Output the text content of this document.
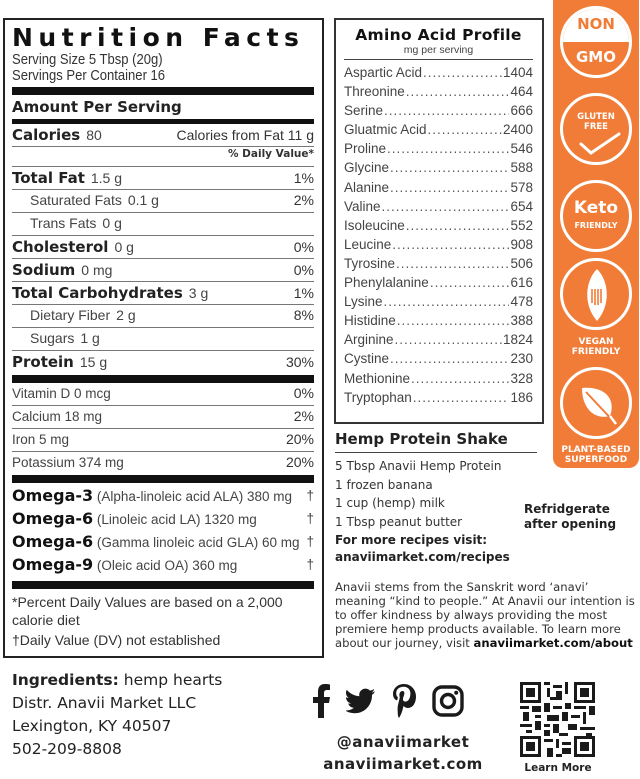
Nutrition Facts
Serving Size 5 Tbsp (20g)
Servings Per Container 16
Amount Per Serving
Calories 80	Calories from Fat 11 g
% Daily Value*
Total Fat 1.5 g	1%
Saturated Fats 0.1 g	2%
Trans Fats 0 g
Cholesterol 0 g	0%
Sodium 0 mg	0%
Total Carbohydrates 3 g	1%
Dietary Fiber 2 g	8%
Sugars 1 g
Protein 15 g	30%
Vitamin D 0 mcg	0%
Calcium 18 mg	2%
Iron 5 mg	20%
Potassium 374 mg	20%
Omega-3 (Alpha-linoleic acid ALA) 380 mg †
Omega-6 (Linoleic acid LA) 1320 mg	†
Omega-6 (Gamma linoleic acid GLA) 60 mg †
Omega-9 (Oleic acid OA) 360 mg	†
*Percent Daily Values are based on a 2,000 calorie diet
†Daily Value (DV) not established
Amino Acid Profile
mg per serving
Aspartic Acid .....	1404
Threonine .....	464
Serine .....	666
Gluatmic Acid .....	2400
Proline .....	546
Glycine .....	588
Alanine .....	578
Valine .....	654
Isoleucine .....	552
Leucine .....	908
Tyrosine .....	506
Phenylalanine .....	616
Lysine .....	478
Histidine .....	388
Arginine .....	1824
Cystine .....	230
Methionine .....	328
Tryptophan .....	186
NON
GMO
GLUTEN
FREE
Keto
FRIENDLY
VEGAN
FRIENDLY
PLANT-BASED
SUPERFOOD
Hemp Protein Shake
5 Tbsp Anavii Hemp Protein
1 frozen banana
1 cup (hemp) milk
1 Tbsp peanut butter
For more recipes visit:
anaviimarket.com/recipes
Refridgerate
after opening
Anavii stems from the Sanskrit word ‘anavi’ meaning “kind to people.” At Anavii our intention is to offer kindness by always providing the most premiere hemp products available. To learn more about our journey, visit anaviimarket.com/about
Ingredients: hemp hearts
Distr. Anavii Market LLC
Lexington, KY 40507
502-209-8808	@anaviimarket
anaviimarket.com	Learn More
